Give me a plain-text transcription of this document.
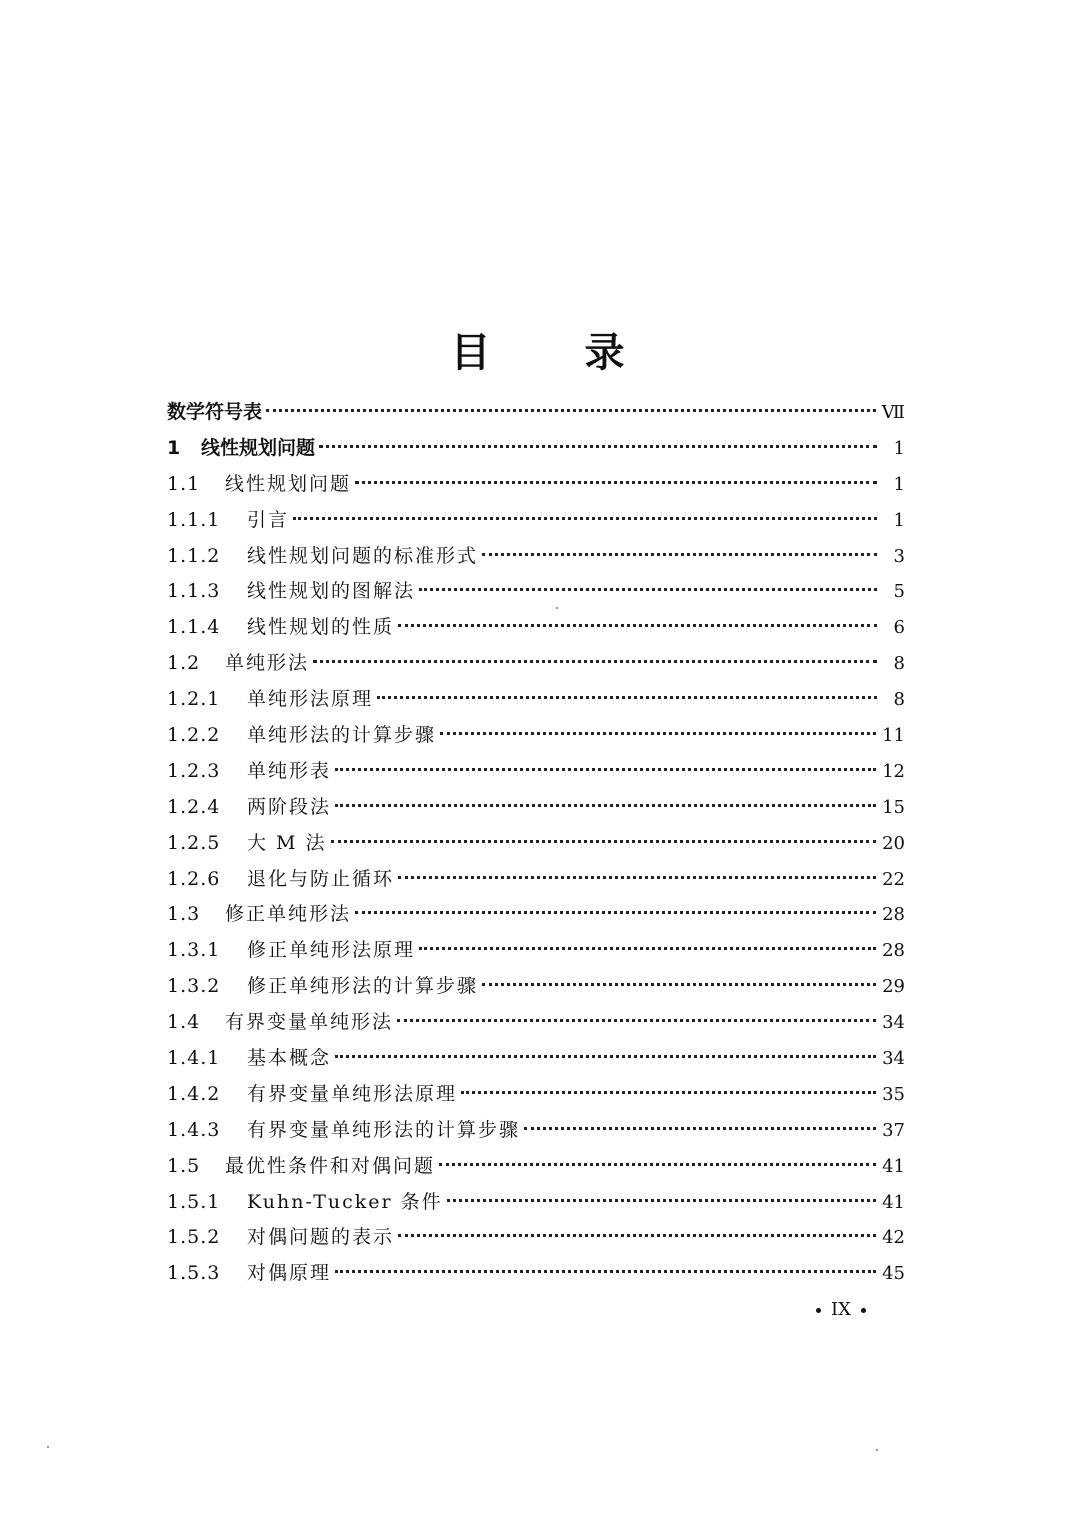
目 录
数学符号表	Ⅶ
1	线性规划问题	1
1.1	线性规划问题	1
1.1.1	引言	1
1.1.2	线性规划问题的标准形式	3
1.1.3	线性规划的图解法	5
1.1.4	线性规划的性质	6
1.2	单纯形法	8
1.2.1	单纯形法原理	8
1.2.2	单纯形法的计算步骤	11
1.2.3	单纯形表	12
1.2.4	两阶段法	15
1.2.5	大 M 法	20
1.2.6	退化与防止循环	22
1.3	修正单纯形法	28
1.3.1	修正单纯形法原理	28
1.3.2	修正单纯形法的计算步骤	29
1.4	有界变量单纯形法	34
1.4.1	基本概念	34
1.4.2	有界变量单纯形法原理	35
1.4.3	有界变量单纯形法的计算步骤	37
1.5	最优性条件和对偶问题	41
1.5.1	Kuhn-Tucker 条件	41
1.5.2	对偶问题的表示	42
1.5.3	对偶原理	45
IX
